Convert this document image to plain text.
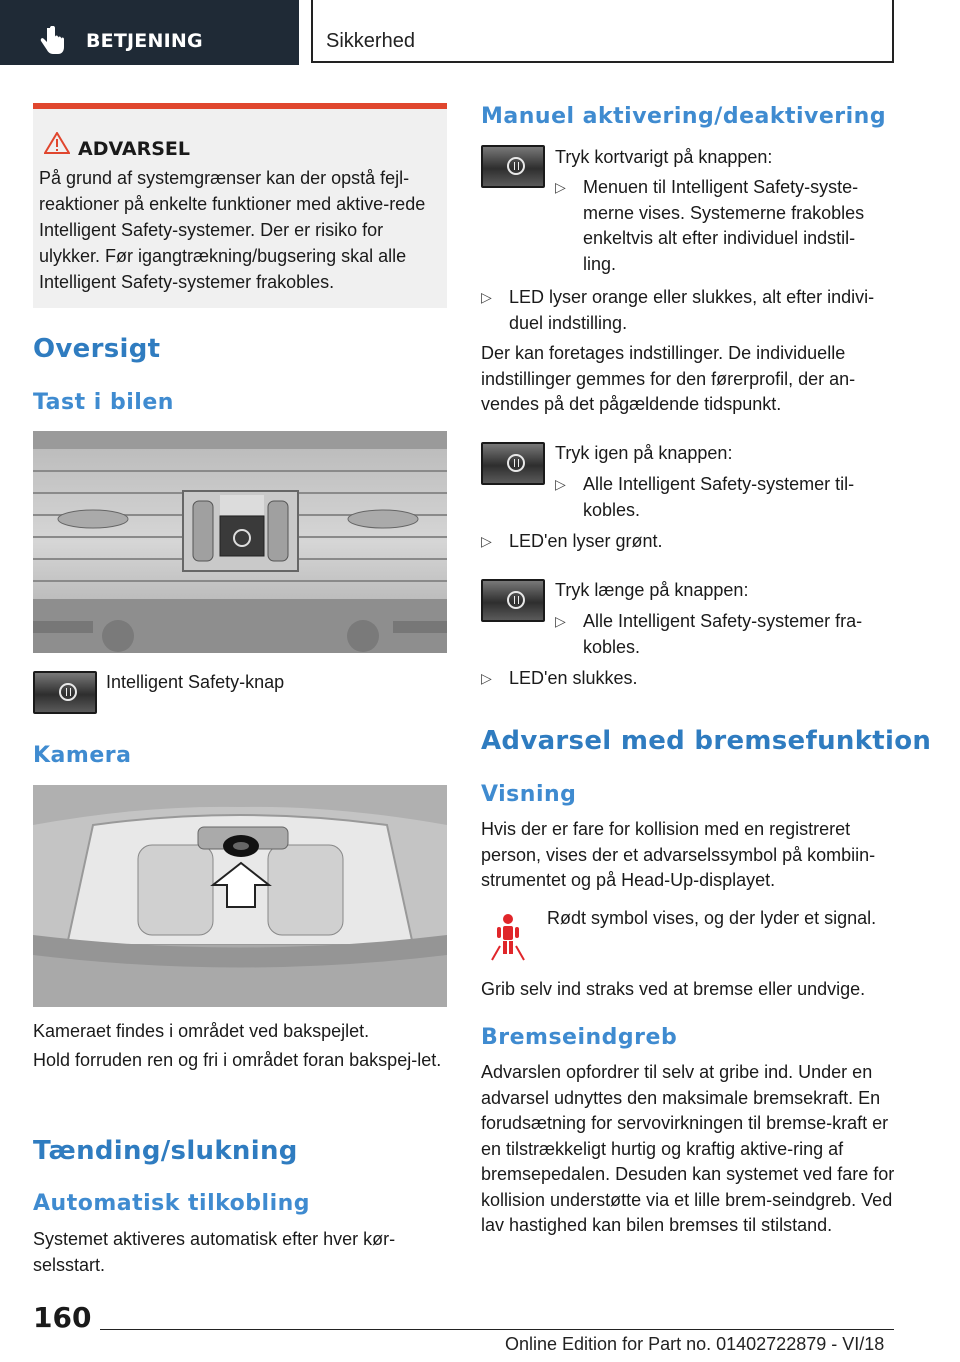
BETJENING	Sikkerhed
ADVARSEL
På grund af systemgrænser kan der opstå fejl-reaktioner på enkelte funktioner med aktive-rede Intelligent Safety-systemer. Der er risiko for ulykker. Før igangtrækning/bugsering skal alle Intelligent Safety-systemer frakobles.
Oversigt
Tast i bilen
Intelligent Safety-knap
Kamera
Kameraet findes i området ved bakspejlet.
Hold forruden ren og fri i området foran bakspej-let.
Tænding/slukning
Automatisk tilkobling
Systemet aktiveres automatisk efter hver kør-selsstart.
Manuel aktivering/deaktivering
Tryk kortvarigt på knappen:
▷ Menuen til Intelligent Safety-syste-merne vises. Systemerne frakobles enkeltvis alt efter individuel indstil-ling.
▷ LED lyser orange eller slukkes, alt efter indivi-duel indstilling.
Der kan foretages indstillinger. De individuelle indstillinger gemmes for den førerprofil, der an-vendes på det pågældende tidspunkt.
Tryk igen på knappen:
▷ Alle Intelligent Safety-systemer til-kobles.
▷ LED'en lyser grønt.
Tryk længe på knappen:
▷ Alle Intelligent Safety-systemer fra-kobles.
▷ LED'en slukkes.
Advarsel med bremsefunktion
Visning
Hvis der er fare for kollision med en registreret person, vises der et advarselssymbol på kombiin-strumentet og på Head-Up-displayet.
Rødt symbol vises, og der lyder et signal.
Grib selv ind straks ved at bremse eller undvige.
Bremseindgreb
Advarslen opfordrer til selv at gribe ind. Under en advarsel udnyttes den maksimale bremsekraft. En forudsætning for servovirkningen til bremse-kraft er en tilstrækkeligt hurtig og kraftig aktive-ring af bremsepedalen. Desuden kan systemet ved fare for kollision understøtte via et lille brem-seindgreb. Ved lav hastighed kan bilen bremses til stilstand.
160
Online Edition for Part no. 01402722879 - VI/18
